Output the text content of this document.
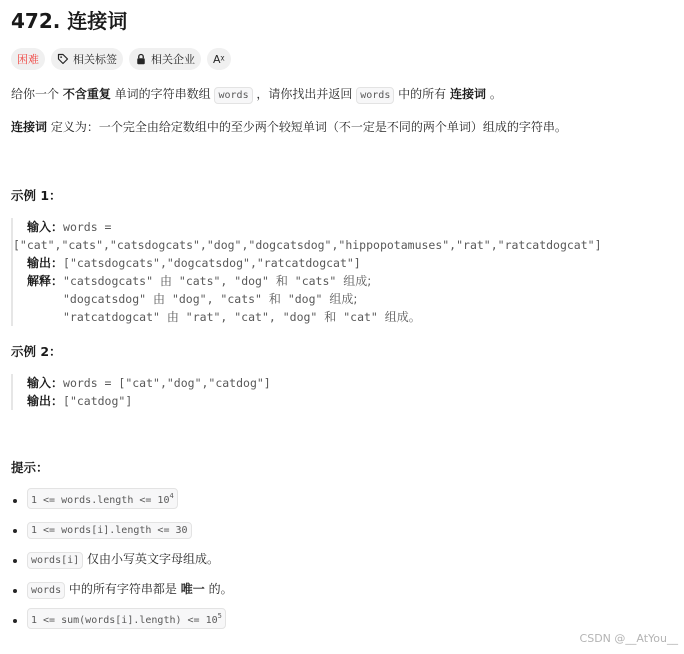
472. 连接词
困难	相关标签	相关企业 Aᵡ
给你一个 不含重复 单词的字符串数组 words ，请你找出并返回 words 中的所有 连接词 。
连接词 定义为：一个完全由给定数组中的至少两个较短单词（不一定是不同的两个单词）组成的字符串。
示例 1：
输入：words =
["cat","cats","catsdogcats","dog","dogcatsdog","hippopotamuses","rat","ratcatdogcat"]
输出：["catsdogcats","dogcatsdog","ratcatdogcat"]
解释："catsdogcats" 由 "cats", "dog" 和 "cats" 组成;
"dogcatsdog" 由 "dog", "cats" 和 "dog" 组成;
"ratcatdogcat" 由 "rat", "cat", "dog" 和 "cat" 组成。
示例 2：
输入：words = ["cat","dog","catdog"]
输出：["catdog"]
提示：
1 <= words.length <= $10^4$
1 <= words[i].length <= 30
words[i] 仅由小写英文字母组成。
words 中的所有字符串都是 唯一 的。
1 <= sum(words[i].length) <= $10^5$
CSDN @__AtYou__
